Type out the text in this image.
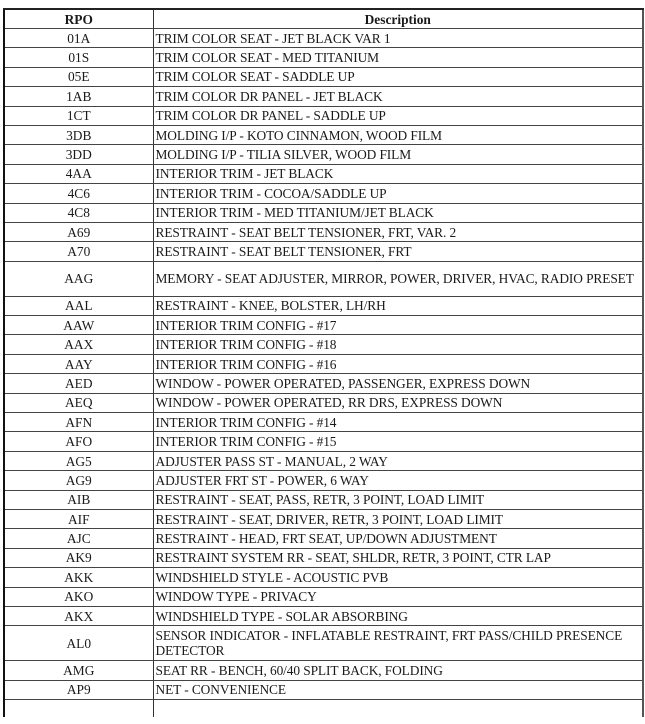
RPO	Description
01A	TRIM COLOR SEAT - JET BLACK VAR 1
01S	TRIM COLOR SEAT - MED TITANIUM
05E	TRIM COLOR SEAT - SADDLE UP
1AB	TRIM COLOR DR PANEL - JET BLACK
1CT	TRIM COLOR DR PANEL - SADDLE UP
3DB	MOLDING I/P - KOTO CINNAMON, WOOD FILM
3DD	MOLDING I/P - TILIA SILVER, WOOD FILM
4AA	INTERIOR TRIM - JET BLACK
4C6	INTERIOR TRIM - COCOA/SADDLE UP
4C8	INTERIOR TRIM - MED TITANIUM/JET BLACK
A69	RESTRAINT - SEAT BELT TENSIONER, FRT, VAR. 2
A70	RESTRAINT - SEAT BELT TENSIONER, FRT
AAG	MEMORY - SEAT ADJUSTER, MIRROR, POWER, DRIVER, HVAC, RADIO PRESET
AAL	RESTRAINT - KNEE, BOLSTER, LH/RH
AAW	INTERIOR TRIM CONFIG - #17
AAX	INTERIOR TRIM CONFIG - #18
AAY	INTERIOR TRIM CONFIG - #16
AED	WINDOW - POWER OPERATED, PASSENGER, EXPRESS DOWN
AEQ	WINDOW - POWER OPERATED, RR DRS, EXPRESS DOWN
AFN	INTERIOR TRIM CONFIG - #14
AFO	INTERIOR TRIM CONFIG - #15
AG5	ADJUSTER PASS ST - MANUAL, 2 WAY
AG9	ADJUSTER FRT ST - POWER, 6 WAY
AIB	RESTRAINT - SEAT, PASS, RETR, 3 POINT, LOAD LIMIT
AIF	RESTRAINT - SEAT, DRIVER, RETR, 3 POINT, LOAD LIMIT
AJC	RESTRAINT - HEAD, FRT SEAT, UP/DOWN ADJUSTMENT
AK9	RESTRAINT SYSTEM RR - SEAT, SHLDR, RETR, 3 POINT, CTR LAP
AKK	WINDSHIELD STYLE - ACOUSTIC PVB
AKO	WINDOW TYPE - PRIVACY
AKX	WINDSHIELD TYPE - SOLAR ABSORBING
AL0	SENSOR INDICATOR - INFLATABLE RESTRAINT, FRT PASS/CHILD PRESENCE DETECTOR
AMG	SEAT RR - BENCH, 60/40 SPLIT BACK, FOLDING
AP9	NET - CONVENIENCE
